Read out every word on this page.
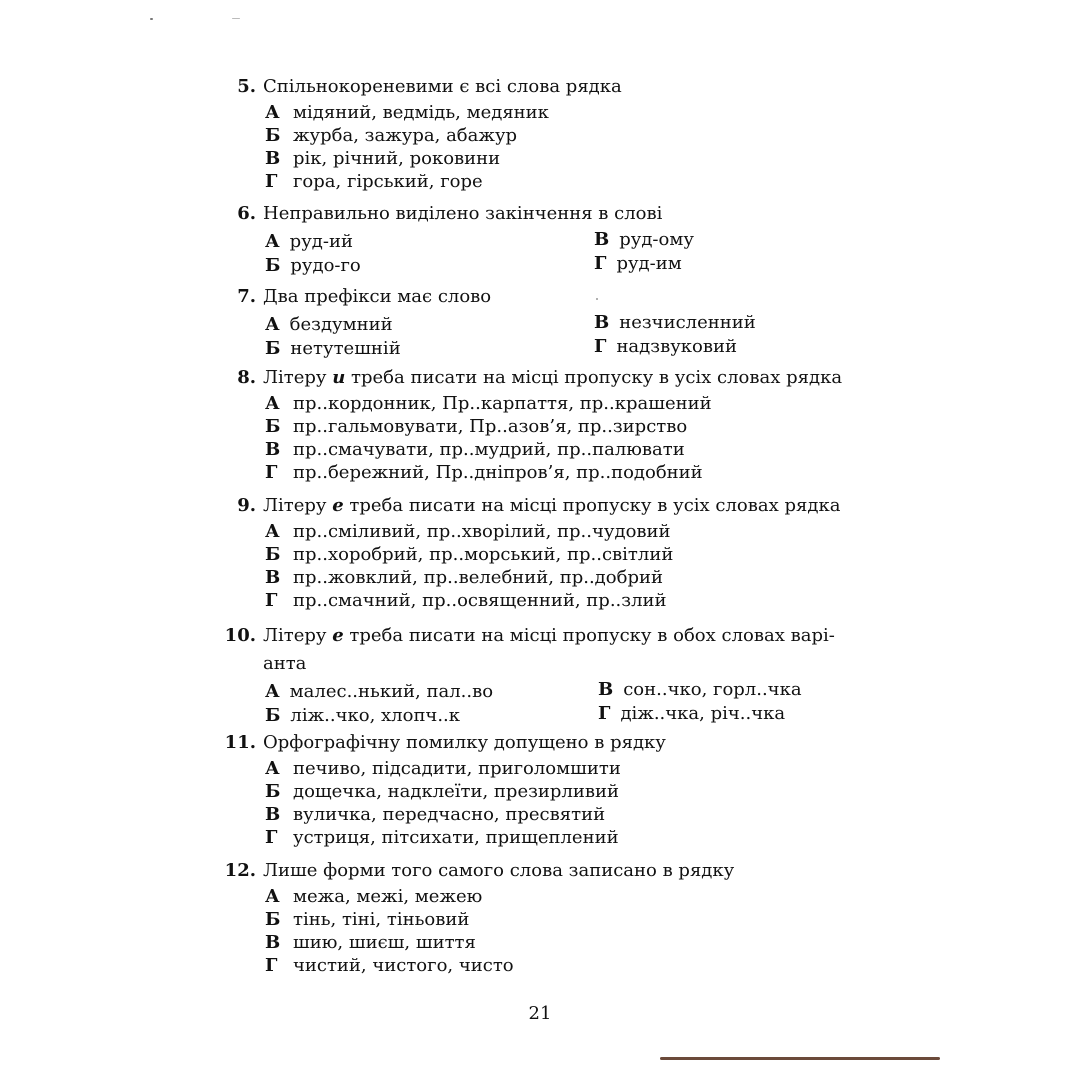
5. Спільнокореневими є всі слова рядка
А мідяний, ведмідь, медяник
Б журба, зажура, абажур
В рік, річний, роковини
Г гора, гірський, горе
6. Неправильно виділено закінчення в слові
А руд-ий
Б рудо-го
В руд-ому
Г руд-им
7. Два префікси має слово
А бездумний
Б нетутешній
В незчисленний
Г надзвуковий
8. Літеру и треба писати на місці пропуску в усіх словах рядка
А пр..кордонник, Пр..карпаття, пр..крашений
Б пр..гальмовувати, Пр..азов’я, пр..зирство
В пр..смачувати, пр..мудрий, пр..палювати
Г пр..бережний, Пр..дніпров’я, пр..подобний
9. Літеру е треба писати на місці пропуску в усіх словах рядка
А пр..сміливий, пр..хворілий, пр..чудовий
Б пр..хоробрий, пр..морський, пр..світлий
В пр..жовклий, пр..велебний, пр..добрий
Г пр..смачний, пр..освященний, пр..злий
10. Літеру е треба писати на місці пропуску в обох словах варі-
анта
А малес..нький, пал..во
Б ліж..чко, хлопч..к
В сон..чко, горл..чка
Г діж..чка, річ..чка
11. Орфографічну помилку допущено в рядку
А печиво, підсадити, приголомшити
Б дощечка, надклеїти, презирливий
В вуличка, передчасно, пресвятий
Г устриця, пітсихати, прищеплений
12. Лише форми того самого слова записано в рядку
А межа, межі, межею
Б тінь, тіні, тіньовий
В шию, шиєш, шиття
Г чистий, чистого, чисто
21
